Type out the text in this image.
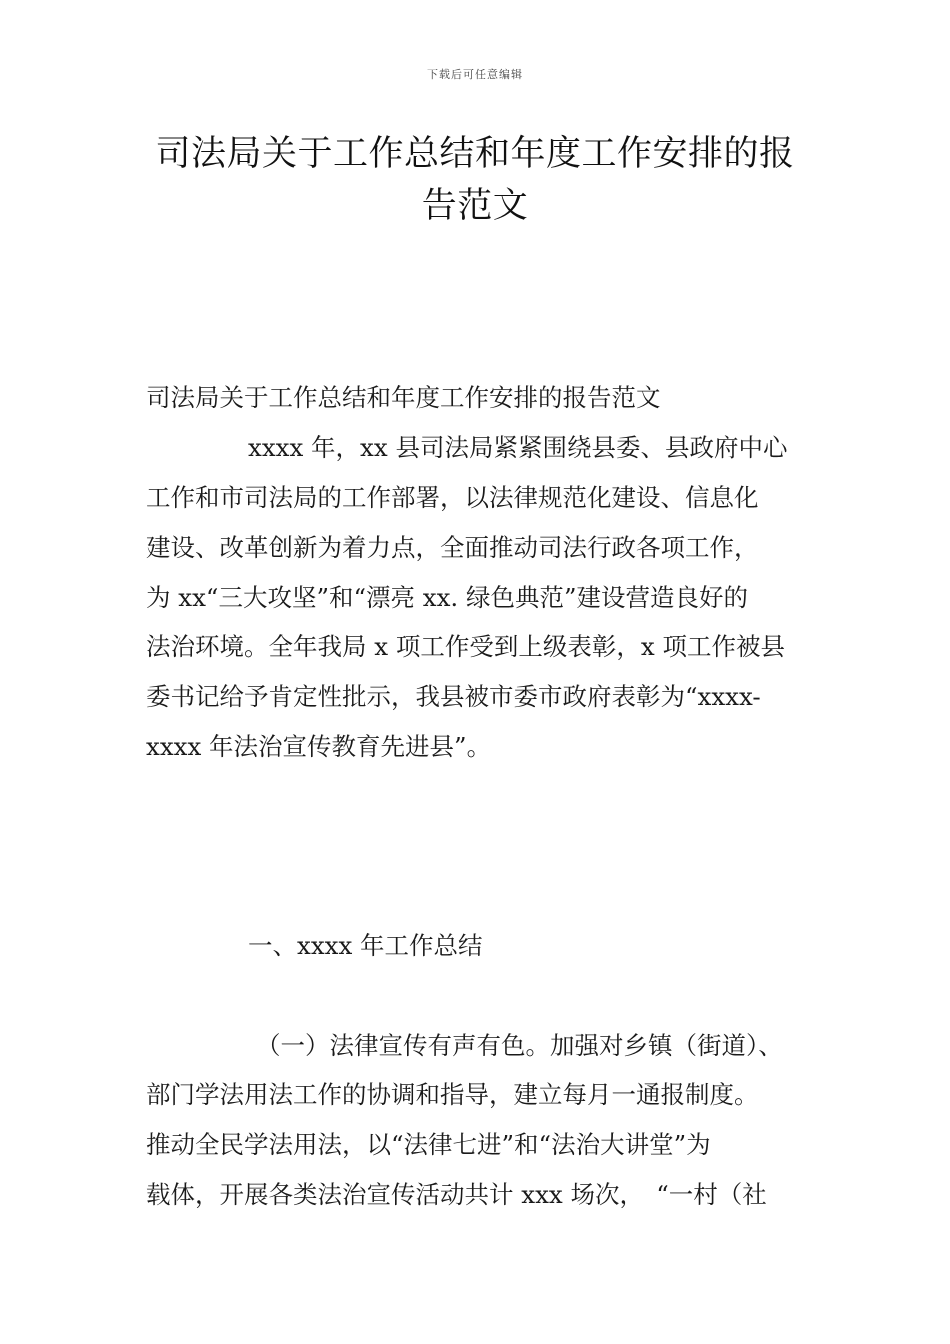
下载后可任意编辑
司法局关于工作总结和年度工作安排的报
告范文
司法局关于工作总结和年度工作安排的报告范文
xxxx 年，xx 县司法局紧紧围绕县委、县政府中心
工作和市司法局的工作部署，以法律规范化建设、信息化
建设、改革创新为着力点，全面推动司法行政各项工作，
为 xx“三大攻坚”和“漂亮 xx. 绿色典范”建设营造良好的
法治环境。全年我局 x 项工作受到上级表彰，x 项工作被县
委书记给予肯定性批示，我县被市委市政府表彰为“xxxx-
xxxx 年法治宣传教育先进县”。
一、xxxx 年工作总结
（一）法律宣传有声有色。加强对乡镇（街道）、
部门学法用法工作的协调和指导，建立每月一通报制度。
推动全民学法用法，以“法律七进”和“法治大讲堂”为
载体，开展各类法治宣传活动共计 xxx 场次，　“一村（社
